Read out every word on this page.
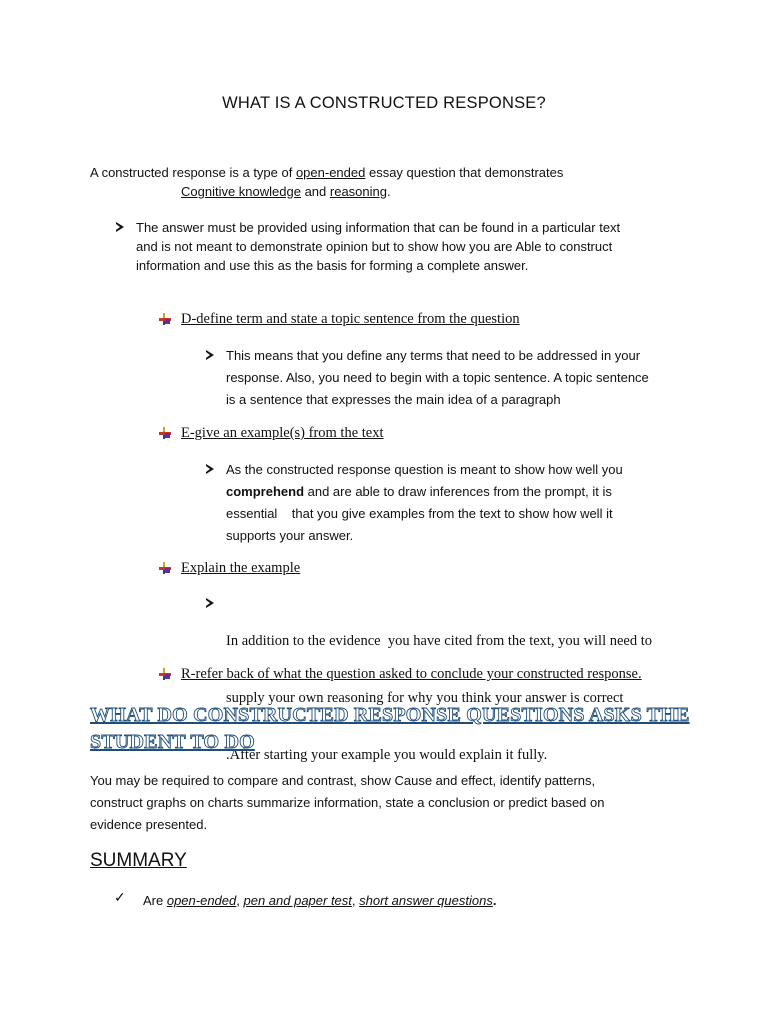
WHAT IS A CONSTRUCTED RESPONSE?
A constructed response is a type of open-ended essay question that demonstrates
Cognitive knowledge and reasoning.
The answer must be provided using information that can be found in a particular text
and is not meant to demonstrate opinion but to show how you are Able to construct
information and use this as the basis for forming a complete answer.
D-define term and state a topic sentence from the question
This means that you define any terms that need to be addressed in your
response. Also, you need to begin with a topic sentence. A topic sentence
is a sentence that expresses the main idea of a paragraph
E-give an example(s) from the text
As the constructed response question is meant to show how well you
comprehend and are able to draw inferences from the prompt, it is
essential    that you give examples from the text to show how well it
supports your answer.
Explain the example

In addition to the evidence  you have cited from the text, you will need to

supply your own reasoning for why you think your answer is correct

.After starting your example you would explain it fully.

R-refer back of what the question asked to conclude your constructed response.
WHAT DO CONSTRUCTED RESPONSE QUESTIONS ASKS THE
STUDENT TO DO
You may be required to compare and contrast, show Cause and effect, identify patterns,
construct graphs on charts summarize information, state a conclusion or predict based on
evidence presented.
SUMMARY
✓ Are open-ended, pen and paper test, short answer questions.
